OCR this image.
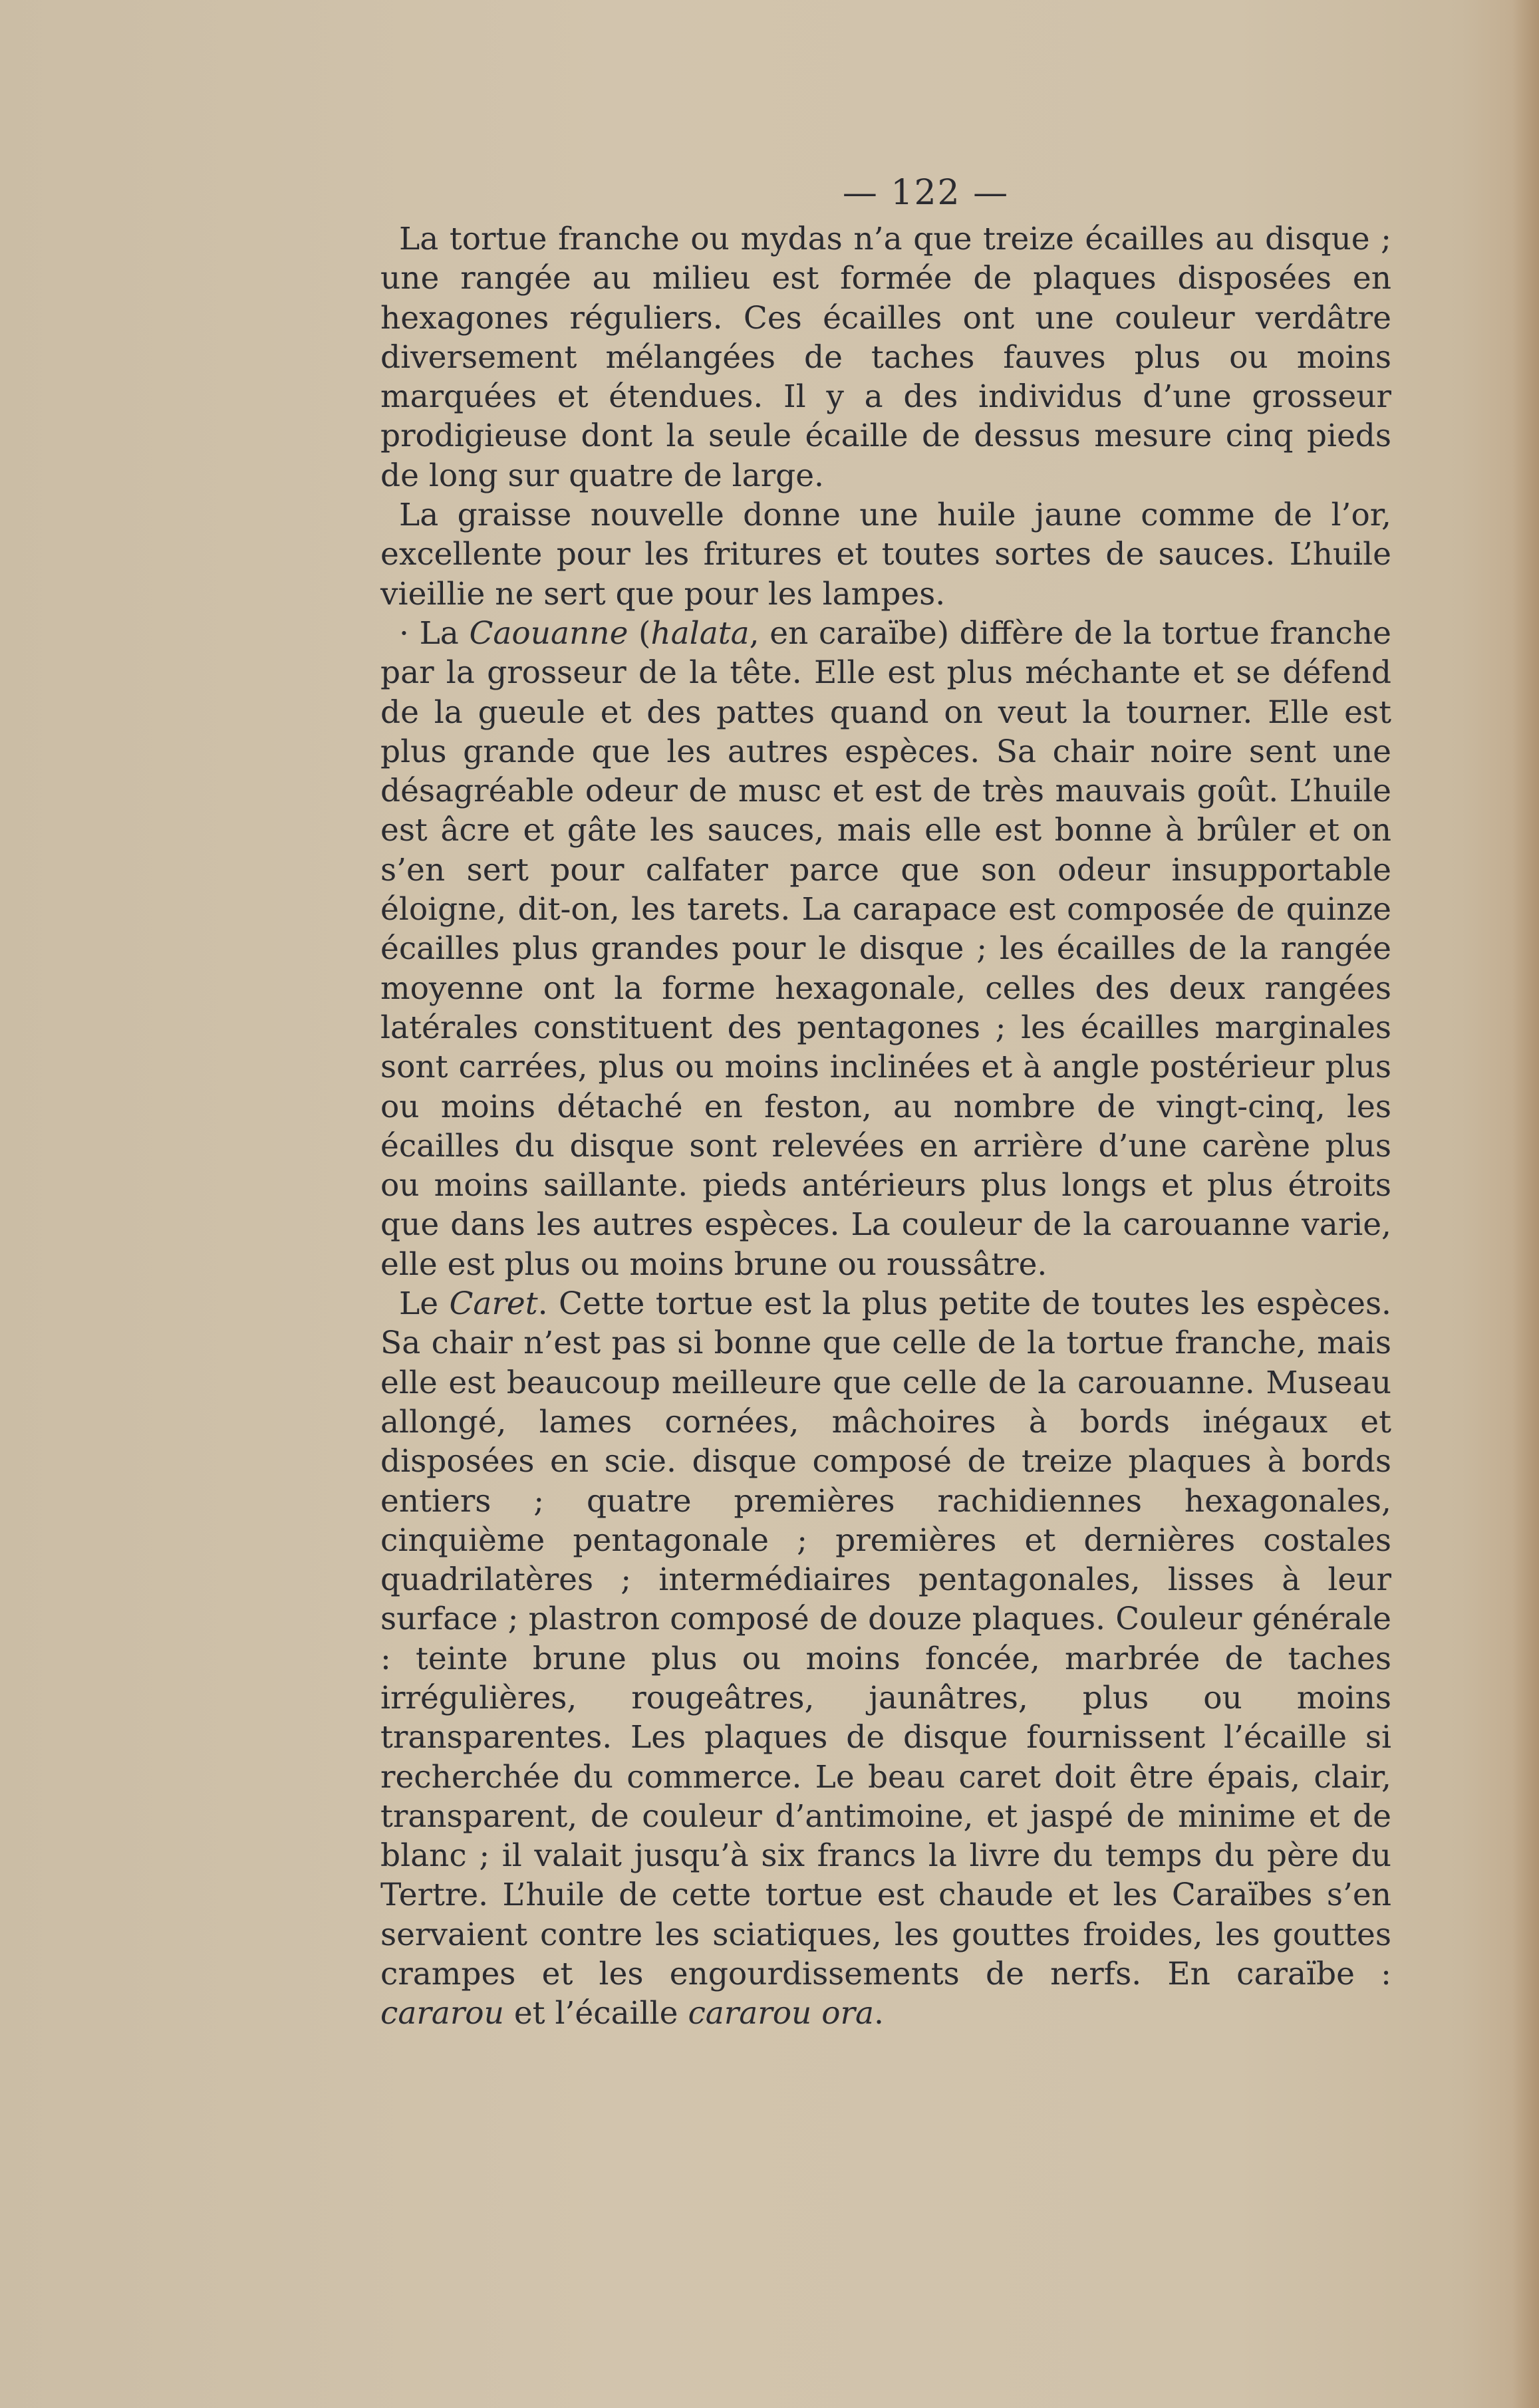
— 122 —

La tortue franche ou mydas n’a que treize écailles au disque ; une rangée au milieu est formée de plaques disposées en hexagones réguliers. Ces écailles ont une couleur verdâtre diversement mélangées de taches fauves plus ou moins marquées et étendues. Il y a des individus d’une grosseur prodigieuse dont la seule écaille de dessus mesure cinq pieds de long sur quatre de large.

La graisse nouvelle donne une huile jaune comme de l’or, excellente pour les fritures et toutes sortes de sauces. L’huile vieillie ne sert que pour les lampes.

· La Caouanne (halata, en caraïbe) diffère de la tortue franche par la grosseur de la tête. Elle est plus méchante et se défend de la gueule et des pattes quand on veut la tourner. Elle est plus grande que les autres espèces. Sa chair noire sent une désagréable odeur de musc et est de très mauvais goût. L’huile est âcre et gâte les sauces, mais elle est bonne à brûler et on s’en sert pour calfater parce que son odeur insupportable éloigne, dit-on, les tarets. La carapace est composée de quinze écailles plus grandes pour le disque ; les écailles de la rangée moyenne ont la forme hexagonale, celles des deux rangées latérales constituent des pentagones ; les écailles marginales sont carrées, plus ou moins inclinées et à angle postérieur plus ou moins détaché en feston, au nombre de vingt-cinq, les écailles du disque sont relevées en arrière d’une carène plus ou moins saillante. pieds antérieurs plus longs et plus étroits que dans les autres espèces. La couleur de la carouanne varie, elle est plus ou moins brune ou roussâtre.

Le Caret. Cette tortue est la plus petite de toutes les espèces. Sa chair n’est pas si bonne que celle de la tortue franche, mais elle est beaucoup meilleure que celle de la carouanne. Museau allongé, lames cornées, mâchoires à bords inégaux et disposées en scie. disque composé de treize plaques à bords entiers ; quatre premières rachidiennes hexagonales, cinquième pentagonale ; premières et dernières costales quadrilatères ; intermédiaires pentagonales, lisses à leur surface ; plastron composé de douze plaques. Couleur générale : teinte brune plus ou moins foncée, marbrée de taches irrégulières, rougeâtres, jaunâtres, plus ou moins transparentes. Les plaques de disque fournissent l’écaille si recherchée du commerce. Le beau caret doit être épais, clair, transparent, de couleur d’antimoine, et jaspé de minime et de blanc ; il valait jusqu’à six francs la livre du temps du père du Tertre. L’huile de cette tortue est chaude et les Caraïbes s’en servaient contre les sciatiques, les gouttes froides, les gouttes crampes et les engourdissements de nerfs. En caraïbe : cararou et l’écaille cararou ora.
